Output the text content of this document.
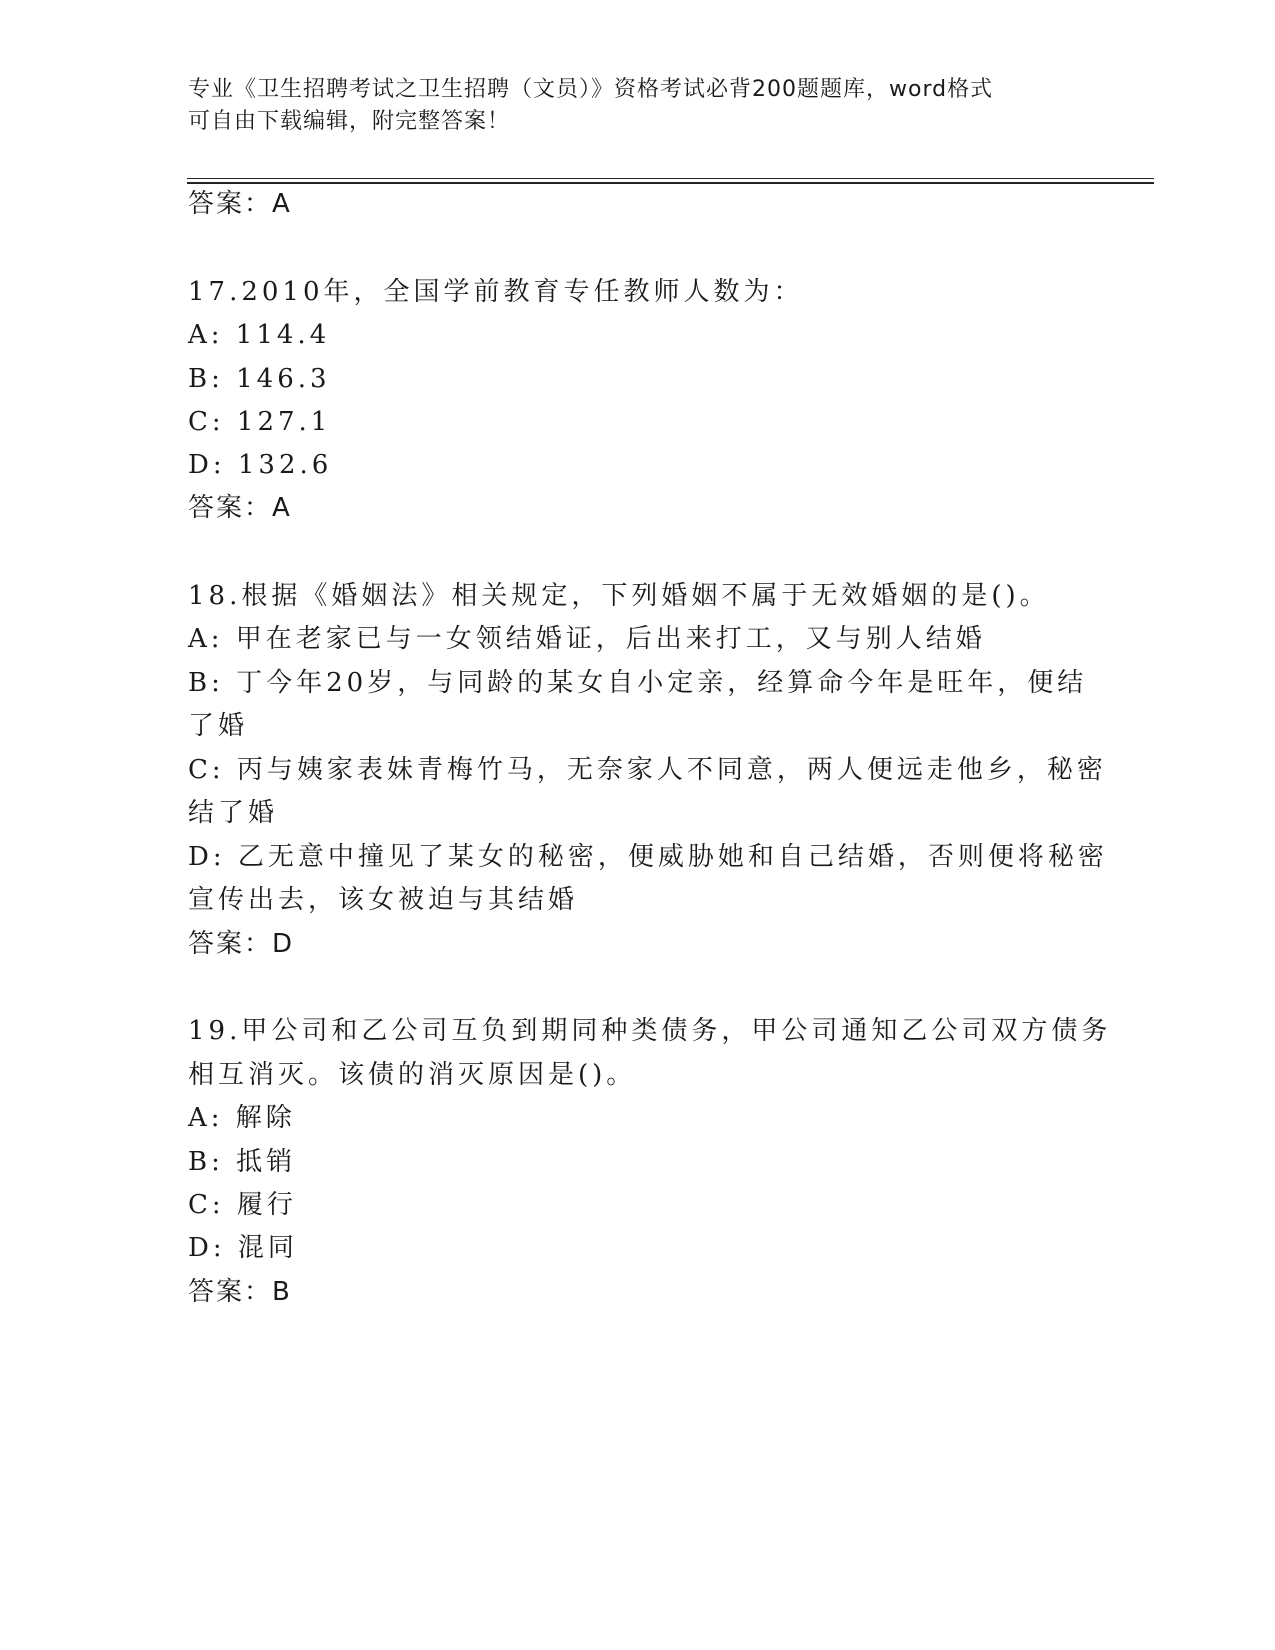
专业《卫生招聘考试之卫生招聘（文员）》资格考试必背200题题库，word格式
可自由下载编辑，附完整答案！
答案：A
17.2010年，全国学前教育专任教师人数为：
A: 114.4
B: 146.3
C: 127.1
D: 132.6
答案：A
18.根据《婚姻法》相关规定，下列婚姻不属于无效婚姻的是()。
A: 甲在老家已与一女领结婚证，后出来打工，又与别人结婚
B: 丁今年20岁，与同龄的某女自小定亲，经算命今年是旺年，便结
了婚
C: 丙与姨家表妹青梅竹马，无奈家人不同意，两人便远走他乡，秘密
结了婚
D: 乙无意中撞见了某女的秘密，便威胁她和自己结婚，否则便将秘密
宣传出去，该女被迫与其结婚
答案：D
19.甲公司和乙公司互负到期同种类债务，甲公司通知乙公司双方债务
相互消灭。该债的消灭原因是()。
A: 解除
B: 抵销
C: 履行
D: 混同
答案：B
